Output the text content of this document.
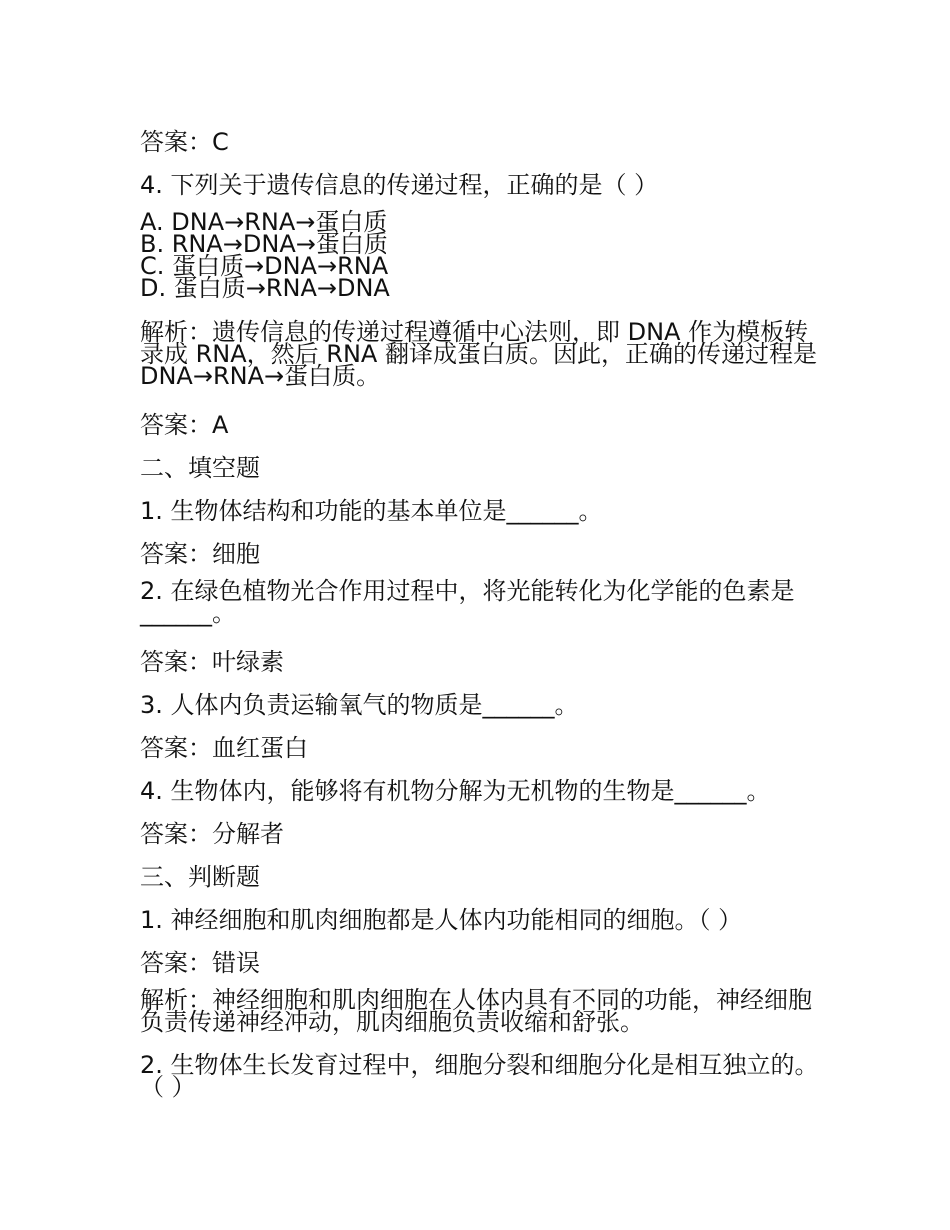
答案：C

4. 下列关于遗传信息的传递过程，正确的是（ ）

A. DNA→RNA→蛋白质

B. RNA→DNA→蛋白质

C. 蛋白质→DNA→RNA

D. 蛋白质→RNA→DNA

解析：遗传信息的传递过程遵循中心法则，即 DNA 作为模板转录成 RNA，然后 RNA 翻译成蛋白质。因此，正确的传递过程是 DNA→RNA→蛋白质。

答案：A

二、填空题

1. 生物体结构和功能的基本单位是______。

答案：细胞

2. 在绿色植物光合作用过程中，将光能转化为化学能的色素是______。

答案：叶绿素

3. 人体内负责运输氧气的物质是______。

答案：血红蛋白

4. 生物体内，能够将有机物分解为无机物的生物是______。

答案：分解者

三、判断题

1. 神经细胞和肌肉细胞都是人体内功能相同的细胞。（ ）

答案：错误

解析：神经细胞和肌肉细胞在人体内具有不同的功能，神经细胞负责传递神经冲动，肌肉细胞负责收缩和舒张。

2. 生物体生长发育过程中，细胞分裂和细胞分化是相互独立的。（ ）
